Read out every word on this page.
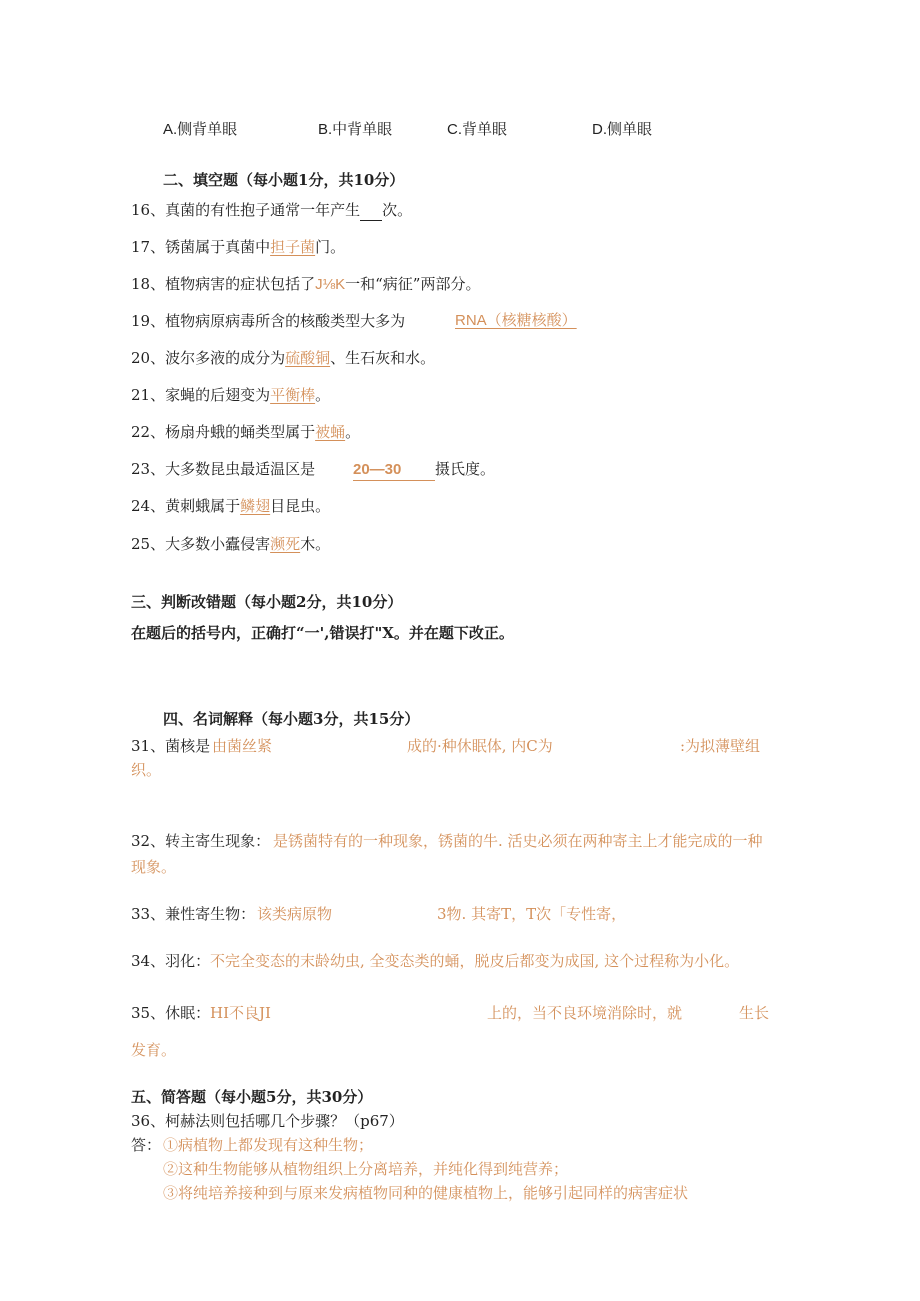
A.侧背单眼	B.中背单眼	C.背单眼	D.侧单眼
二、填空题（每小题1分，共10分）
16、真菌的有性抱子通常一年产生 次。
17、锈菌属于真菌中担子菌门。
18、植物病害的症状包括了J⅛K一和“病征”两部分。
19、植物病原病毒所含的核酸类型大多为	RNA（核糖核酸）
20、波尔多液的成分为硫酸铜、生石灰和水。
21、家蝇的后翅变为平衡棒。
22、杨扇舟蛾的蛹类型属于被蛹。
23、大多数昆虫最适温区是	20—30 摄氏度。
24、黄刺蛾属于鳞翅目昆虫。
25、大多数小蠹侵害濒死木。
三、判断改错题（每小题2分，共10分）
在题后的括号内，正确打“一',错误打"X。并在题下改正。
四、名词解释（每小题3分，共15分）
31、菌核是 由菌丝紧	成的·种休眠体, 内C为	:为拟薄壁组
织。
32、转主寄生现象： 是锈菌特有的一种现象，锈菌的牛. 活史必须在两种寄主上才能完成的一种
现象。
33、兼性寄生物： 该类病原物	3物. 其寄T，T次「专性寄，
34、羽化： 不完全变态的末龄幼虫, 全变态类的蛹，脱皮后都变为成国, 这个过程称为小化。
35、休眠： HI不良JI	上的，当不良环境消除时，就	生长
发育。
五、简答题（每小题5分，共30分）
36、柯赫法则包括哪几个步骤？（p67）
答： ①病植物上都发现有这种生物；
②这种生物能够从植物组织上分离培养，并纯化得到纯营养；
③将纯培养接种到与原来发病植物同种的健康植物上，能够引起同样的病害症状
